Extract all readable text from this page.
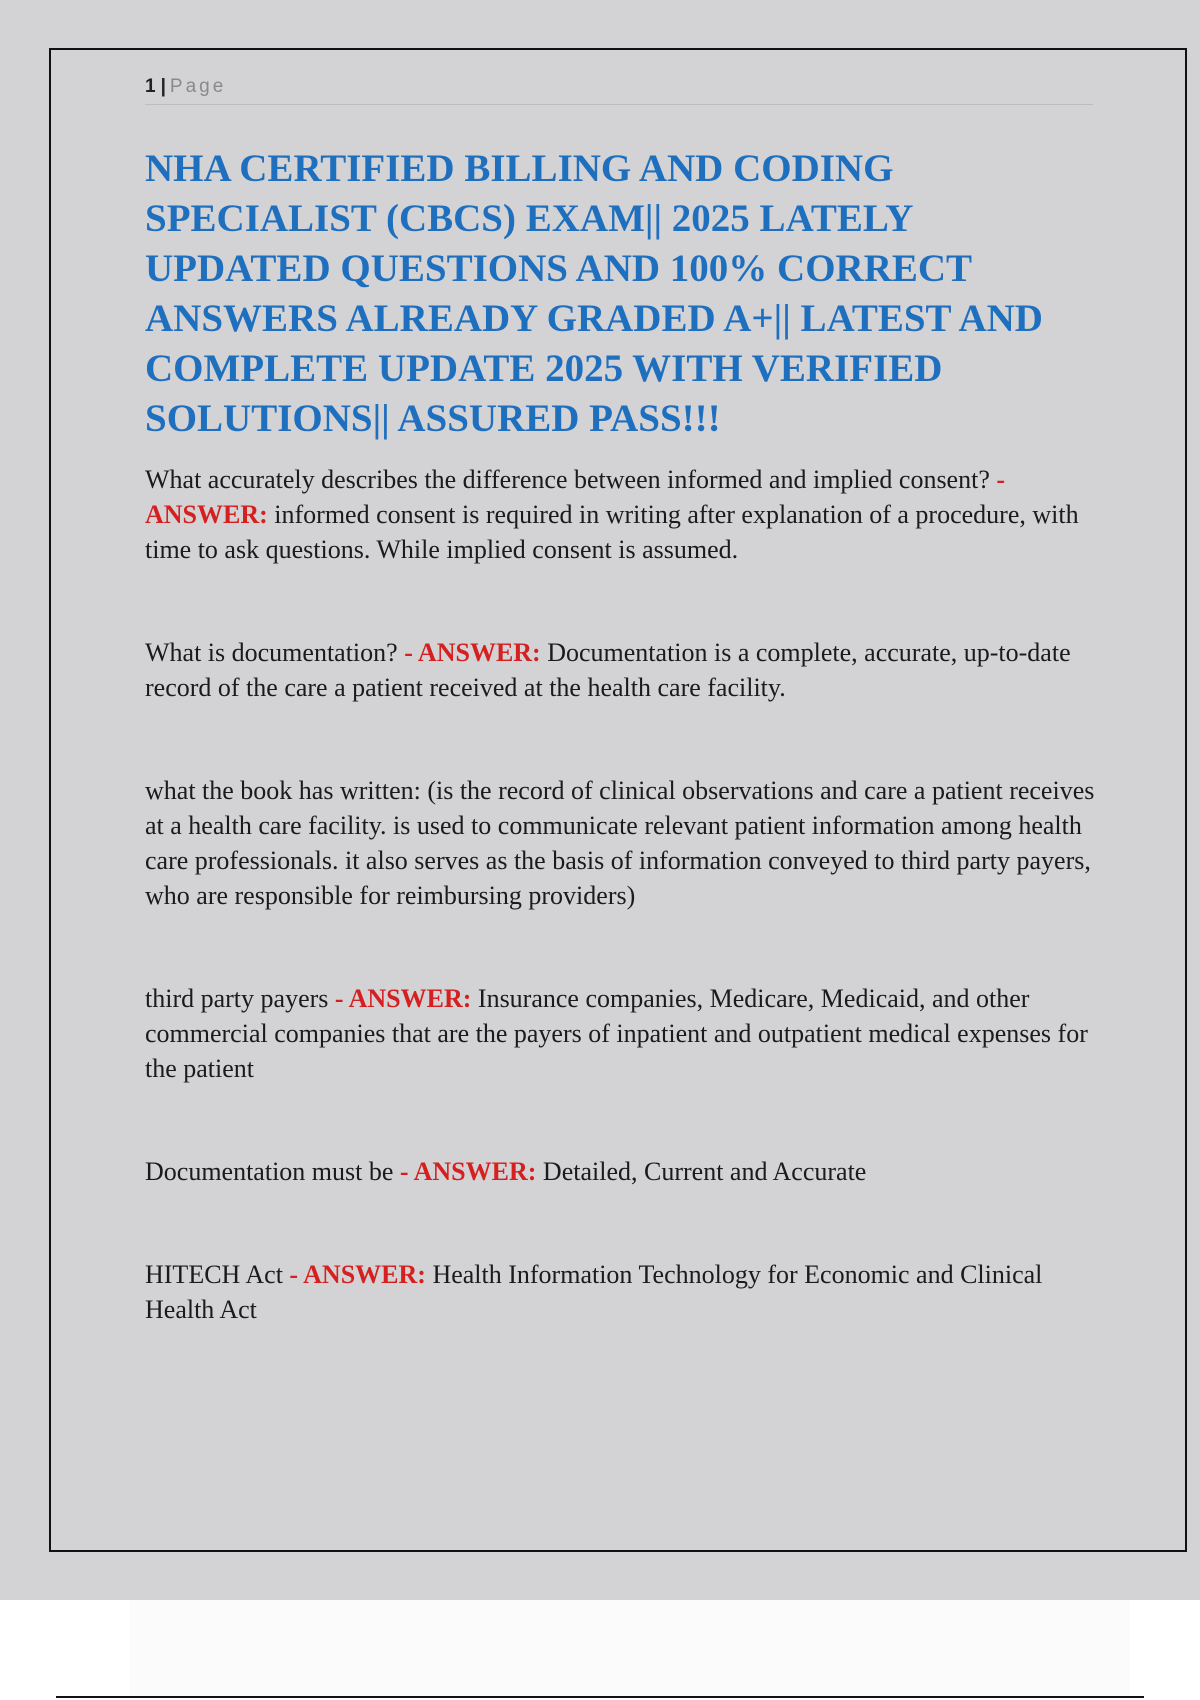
1 | Page
NHA CERTIFIED BILLING AND CODING SPECIALIST (CBCS) EXAM|| 2025 LATELY UPDATED QUESTIONS AND 100% CORRECT ANSWERS ALREADY GRADED A+|| LATEST AND COMPLETE UPDATE 2025 WITH VERIFIED SOLUTIONS|| ASSURED PASS!!!

What accurately describes the difference between informed and implied consent? - ANSWER: informed consent is required in writing after explanation of a procedure, with time to ask questions. While implied consent is assumed.

What is documentation? - ANSWER: Documentation is a complete, accurate, up-to-date record of the care a patient received at the health care facility.

what the book has written: (is the record of clinical observations and care a patient receives at a health care facility. is used to communicate relevant patient information among health care professionals. it also serves as the basis of information conveyed to third party payers, who are responsible for reimbursing providers)

third party payers - ANSWER: Insurance companies, Medicare, Medicaid, and other commercial companies that are the payers of inpatient and outpatient medical expenses for the patient

Documentation must be - ANSWER: Detailed, Current and Accurate

HITECH Act - ANSWER: Health Information Technology for Economic and Clinical Health Act
